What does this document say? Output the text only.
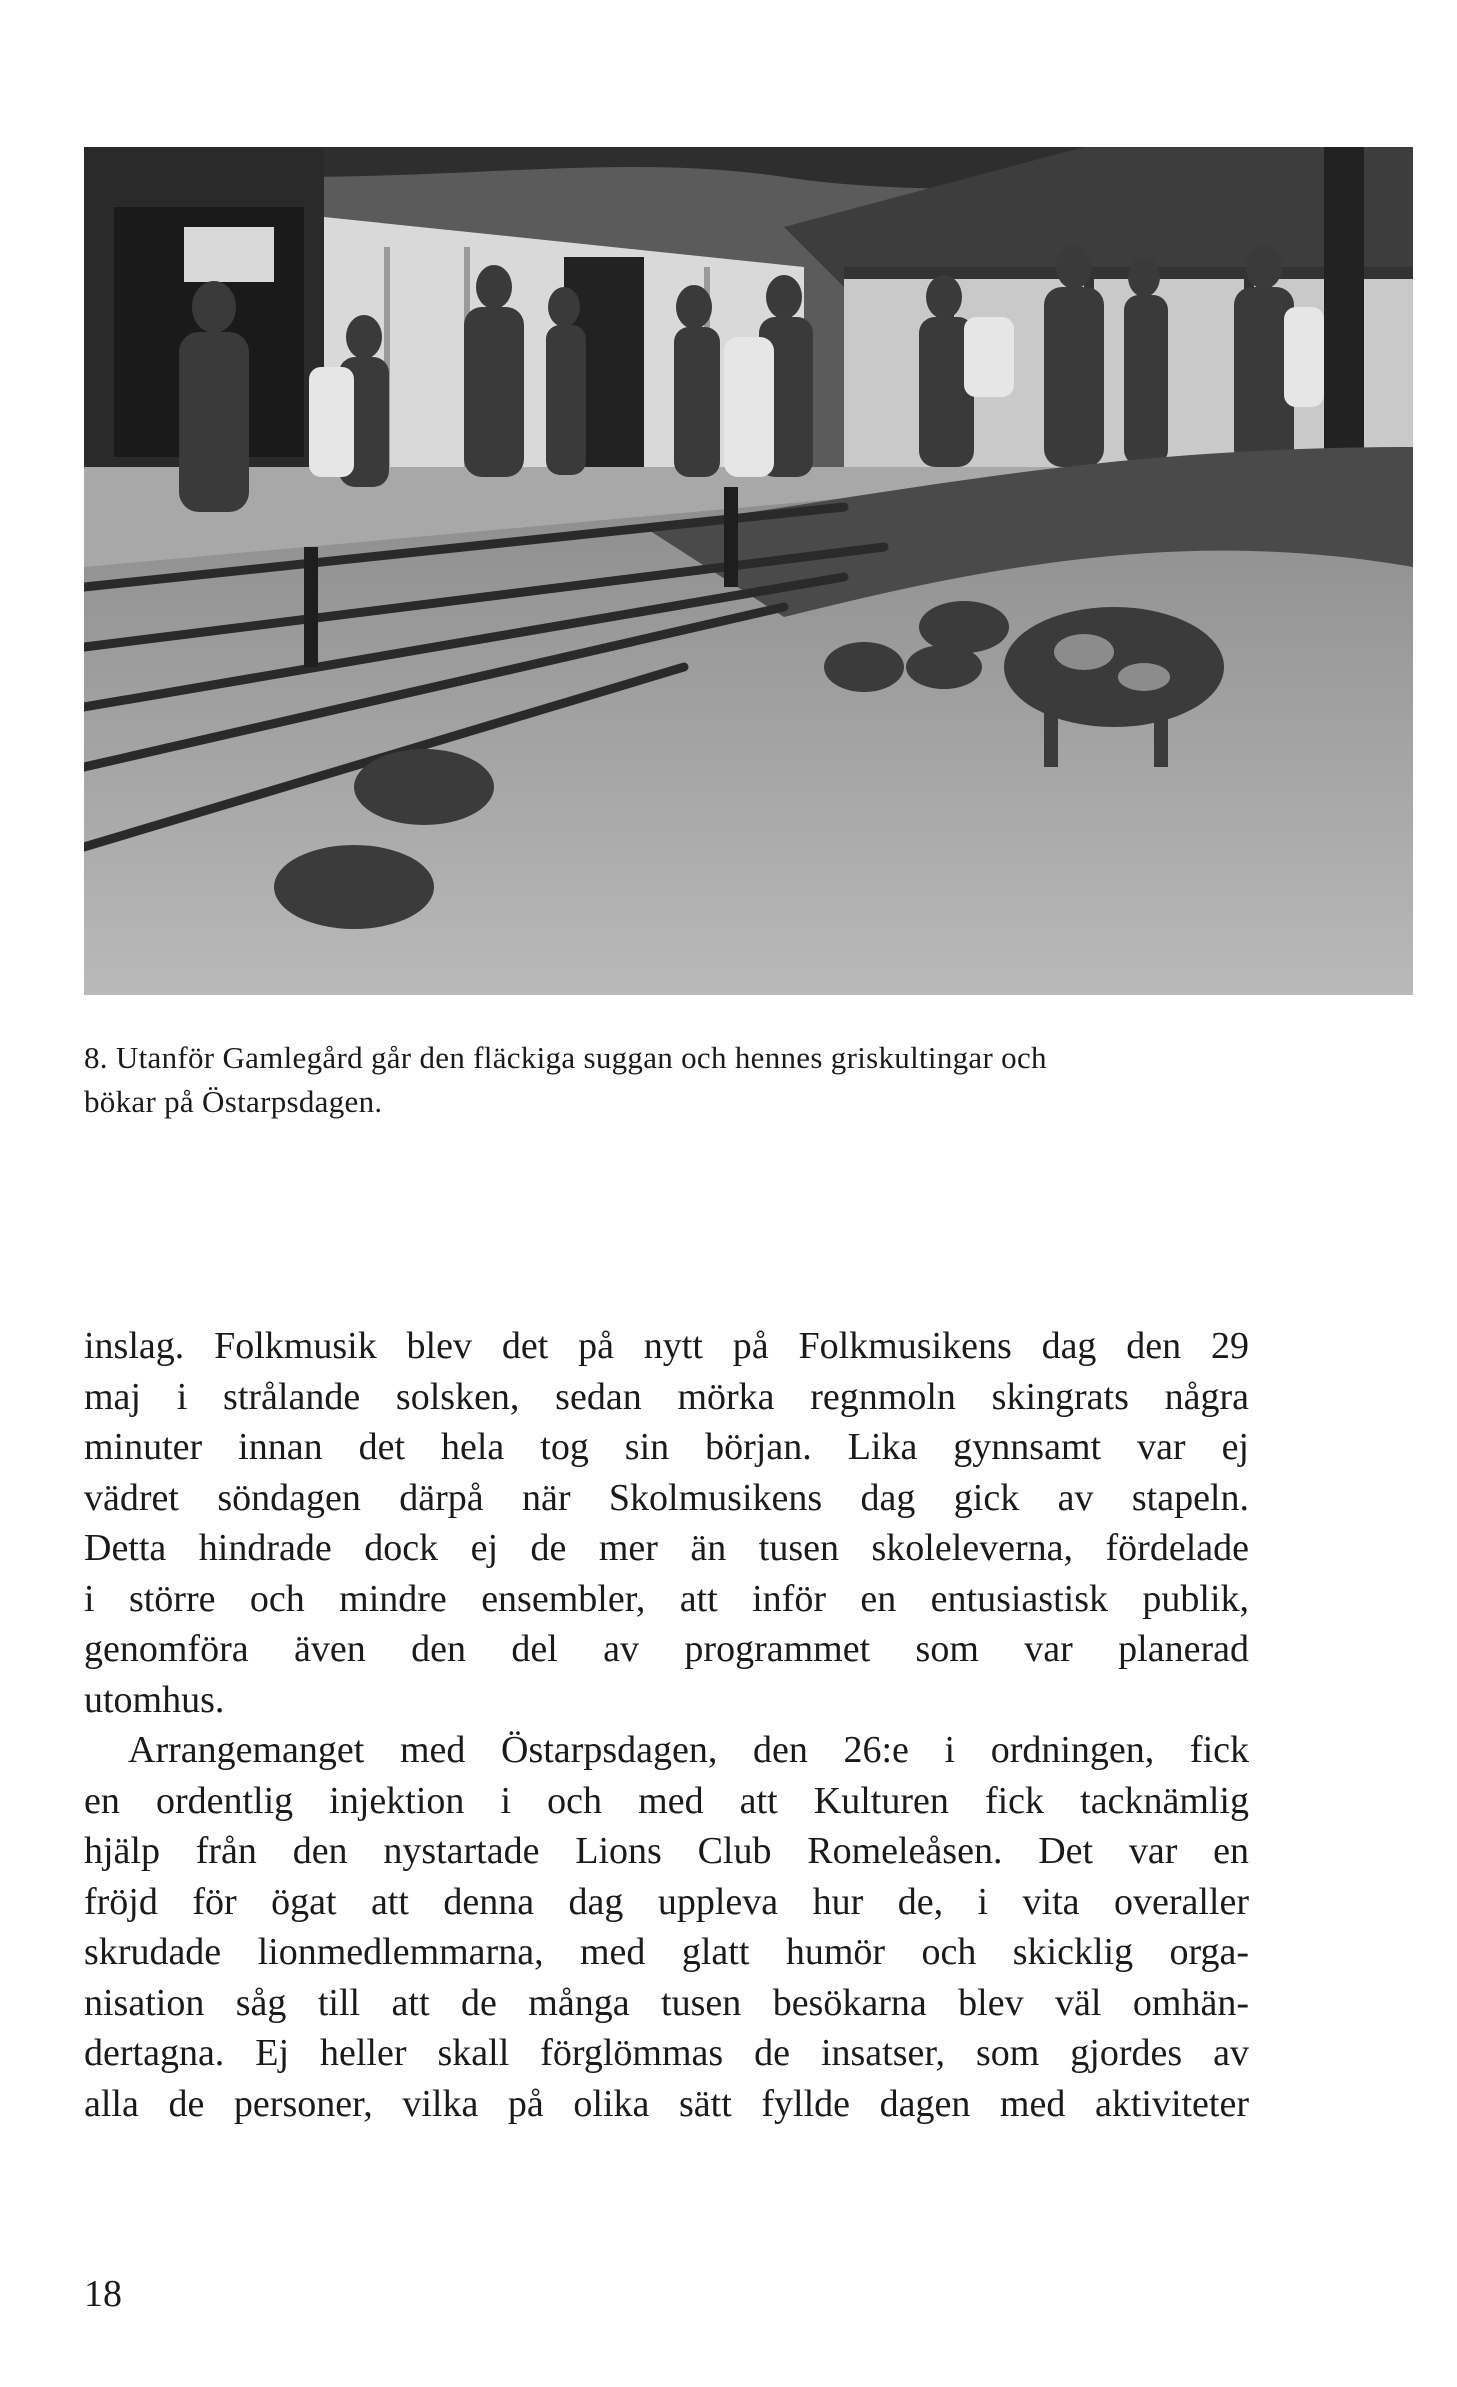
8. Utanför Gamlegård går den fläckiga suggan och hennes griskultingar och
bökar på Östarpsdagen.
inslag. Folkmusik blev det på nytt på Folkmusikens dag den 29
maj i strålande solsken, sedan mörka regnmoln skingrats några
minuter innan det hela tog sin början. Lika gynnsamt var ej
vädret söndagen därpå när Skolmusikens dag gick av stapeln.
Detta hindrade dock ej de mer än tusen skoleleverna, fördelade
i större och mindre ensembler, att inför en entusiastisk publik,
genomföra även den del av programmet som var planerad
utomhus.
Arrangemanget med Östarpsdagen, den 26:e i ordningen, fick
en ordentlig injektion i och med att Kulturen fick tacknämlig
hjälp från den nystartade Lions Club Romeleåsen. Det var en
fröjd för ögat att denna dag uppleva hur de, i vita overaller
skrudade lionmedlemmarna, med glatt humör och skicklig orga-
nisation såg till att de många tusen besökarna blev väl omhän-
dertagna. Ej heller skall förglömmas de insatser, som gjordes av
alla de personer, vilka på olika sätt fyllde dagen med aktiviteter
18
